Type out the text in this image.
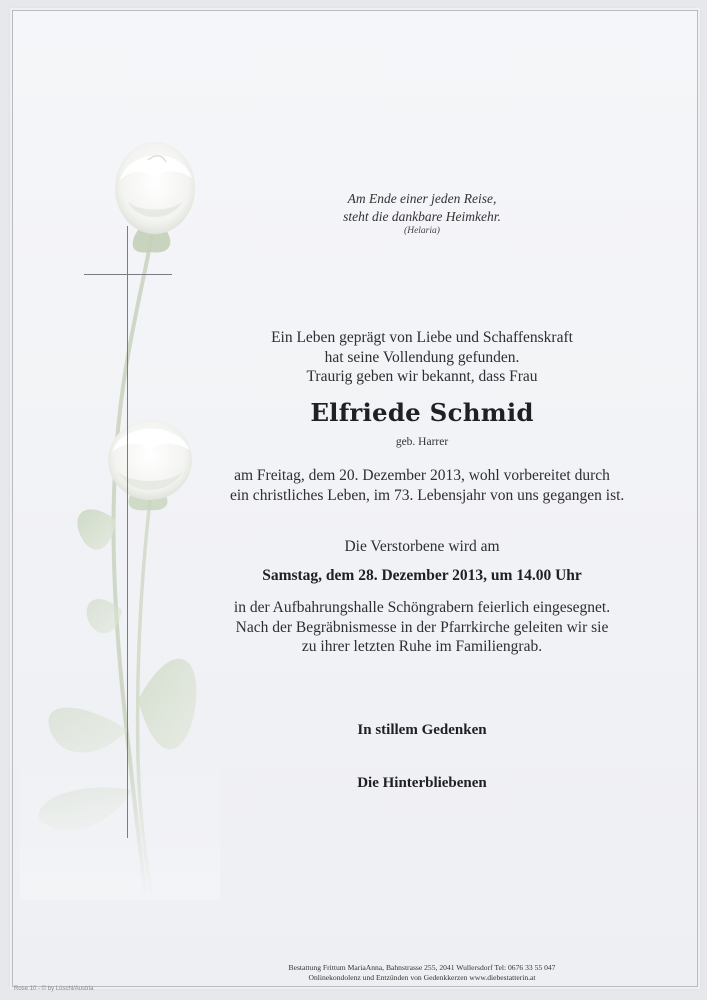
Am Ende einer jeden Reise,
steht die dankbare Heimkehr.
(Helaria)
Ein Leben geprägt von Liebe und Schaffenskraft
hat seine Vollendung gefunden.
Traurig geben wir bekannt, dass Frau
Elfriede Schmid
geb. Harrer
am Freitag, dem 20. Dezember 2013, wohl vorbereitet durch
ein christliches Leben, im 73. Lebensjahr von uns gegangen ist.
Die Verstorbene wird am
Samstag, dem 28. Dezember 2013, um 14.00 Uhr
in der Aufbahrungshalle Schöngrabern feierlich eingesegnet.
Nach der Begräbnismesse in der Pfarrkirche geleiten wir sie
zu ihrer letzten Ruhe im Familiengrab.
In stillem Gedenken
Die Hinterbliebenen
Bestattung Frittum MariaAnna, Bahnstrasse 255, 2041 Wullersdorf Tel: 0676 33 55 047
Onlinekondolenz und Entzünden von Gedenkkerzen www.diebestatterin.at
Rose 10 - © by Lüschi/Austria
